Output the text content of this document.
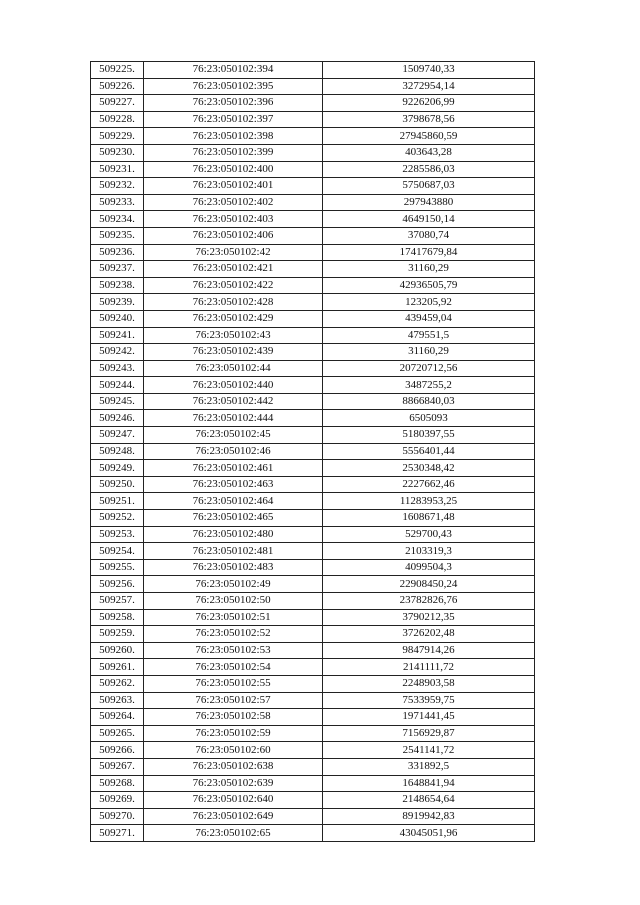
509225.	76:23:050102:394	1509740,33
509226.	76:23:050102:395	3272954,14
509227.	76:23:050102:396	9226206,99
509228.	76:23:050102:397	3798678,56
509229.	76:23:050102:398	27945860,59
509230.	76:23:050102:399	403643,28
509231.	76:23:050102:400	2285586,03
509232.	76:23:050102:401	5750687,03
509233.	76:23:050102:402	297943880
509234.	76:23:050102:403	4649150,14
509235.	76:23:050102:406	37080,74
509236.	76:23:050102:42	17417679,84
509237.	76:23:050102:421	31160,29
509238.	76:23:050102:422	42936505,79
509239.	76:23:050102:428	123205,92
509240.	76:23:050102:429	439459,04
509241.	76:23:050102:43	479551,5
509242.	76:23:050102:439	31160,29
509243.	76:23:050102:44	20720712,56
509244.	76:23:050102:440	3487255,2
509245.	76:23:050102:442	8866840,03
509246.	76:23:050102:444	6505093
509247.	76:23:050102:45	5180397,55
509248.	76:23:050102:46	5556401,44
509249.	76:23:050102:461	2530348,42
509250.	76:23:050102:463	2227662,46
509251.	76:23:050102:464	11283953,25
509252.	76:23:050102:465	1608671,48
509253.	76:23:050102:480	529700,43
509254.	76:23:050102:481	2103319,3
509255.	76:23:050102:483	4099504,3
509256.	76:23:050102:49	22908450,24
509257.	76:23:050102:50	23782826,76
509258.	76:23:050102:51	3790212,35
509259.	76:23:050102:52	3726202,48
509260.	76:23:050102:53	9847914,26
509261.	76:23:050102:54	2141111,72
509262.	76:23:050102:55	2248903,58
509263.	76:23:050102:57	7533959,75
509264.	76:23:050102:58	1971441,45
509265.	76:23:050102:59	7156929,87
509266.	76:23:050102:60	2541141,72
509267.	76:23:050102:638	331892,5
509268.	76:23:050102:639	1648841,94
509269.	76:23:050102:640	2148654,64
509270.	76:23:050102:649	8919942,83
509271.	76:23:050102:65	43045051,96
